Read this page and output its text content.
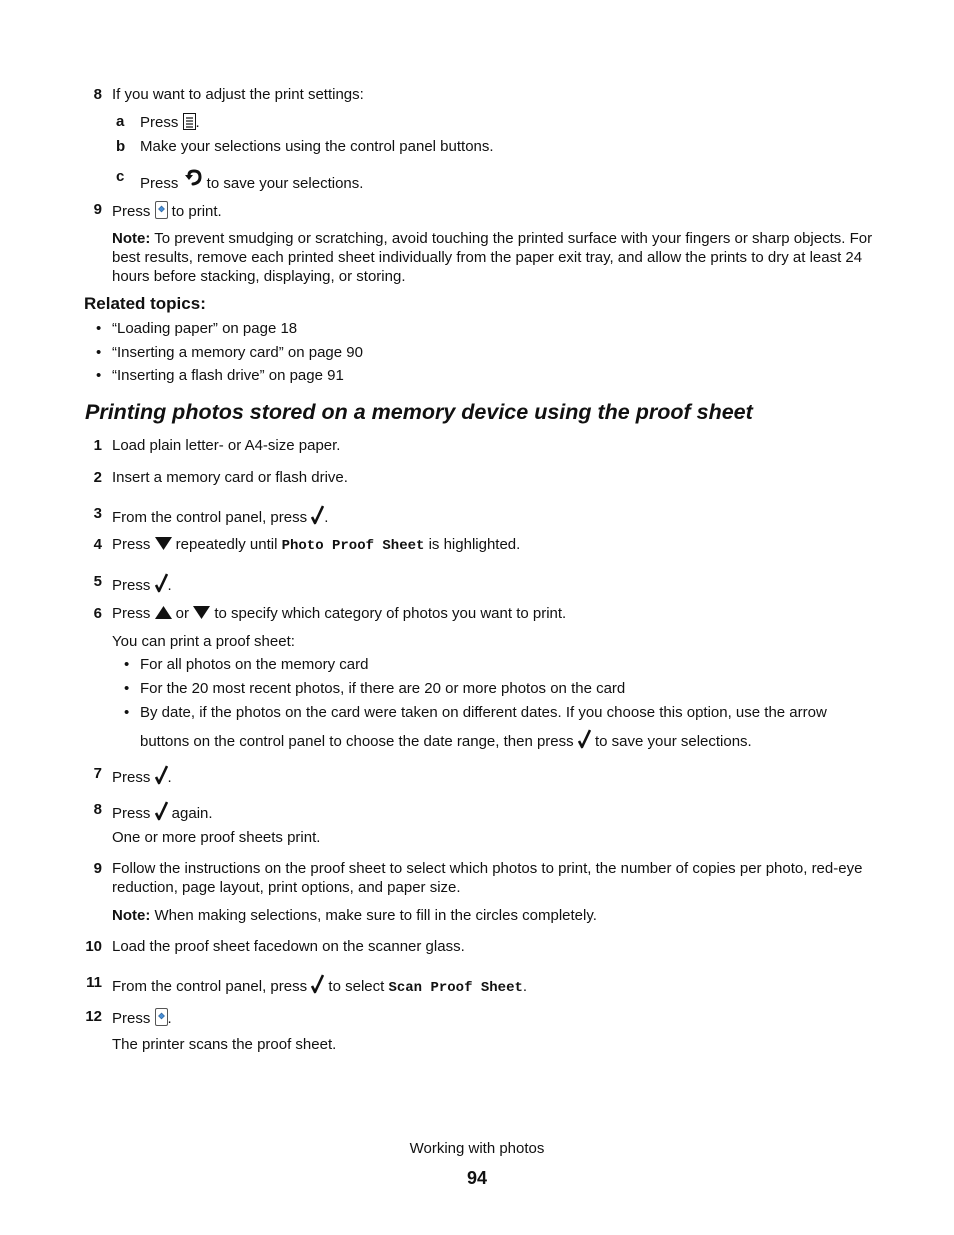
8 If you want to adjust the print settings:
a Press .
b Make your selections using the control panel buttons.
c Press  to save your selections.
9 Press  to print.
Note: To prevent smudging or scratching, avoid touching the printed surface with your fingers or sharp objects. For best results, remove each printed sheet individually from the paper exit tray, and allow the prints to dry at least 24 hours before stacking, displaying, or storing.
Related topics:
• “Loading paper” on page 18
• “Inserting a memory card” on page 90
• “Inserting a flash drive” on page 91
Printing photos stored on a memory device using the proof sheet
1 Load plain letter- or A4-size paper.
2 Insert a memory card or flash drive.
3 From the control panel, press .
4 Press  repeatedly until Photo Proof Sheet is highlighted.
5 Press .
6 Press  or  to specify which category of photos you want to print.
You can print a proof sheet:
• For all photos on the memory card
• For the 20 most recent photos, if there are 20 or more photos on the card
• By date, if the photos on the card were taken on different dates. If you choose this option, use the arrow
buttons on the control panel to choose the date range, then press  to save your selections.
7 Press .
8 Press  again.
One or more proof sheets print.
9 Follow the instructions on the proof sheet to select which photos to print, the number of copies per photo, red-eye reduction, page layout, print options, and paper size.
Note: When making selections, make sure to fill in the circles completely.
10 Load the proof sheet facedown on the scanner glass.
11 From the control panel, press  to select Scan Proof Sheet.
12 Press .
The printer scans the proof sheet.
Working with photos
94
